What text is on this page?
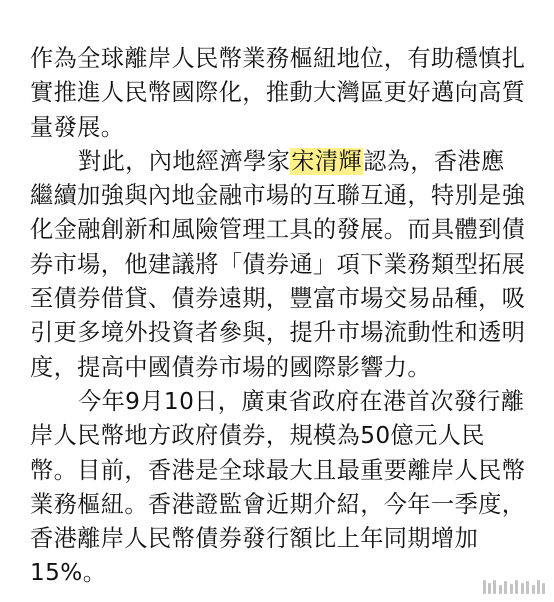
作為全球離岸人民幣業務樞紐地位，有助穩慎扎
實推進人民幣國際化，推動大灣區更好邁向高質
量發展。
對此，內地經濟學家宋清輝認為，香港應
繼續加強與內地金融市場的互聯互通，特別是強
化金融創新和風險管理工具的發展。而具體到債
券市場，他建議將「債券通」項下業務類型拓展
至債券借貸、債券遠期，豐富市場交易品種，吸
引更多境外投資者參與，提升市場流動性和透明
度，提高中國債券市場的國際影響力。
今年9月10日，廣東省政府在港首次發行離
岸人民幣地方政府債券，規模為50億元人民
幣。目前，香港是全球最大且最重要離岸人民幣
業務樞紐。香港證監會近期介紹，今年一季度，
香港離岸人民幣債券發行額比上年同期增加
15%。
